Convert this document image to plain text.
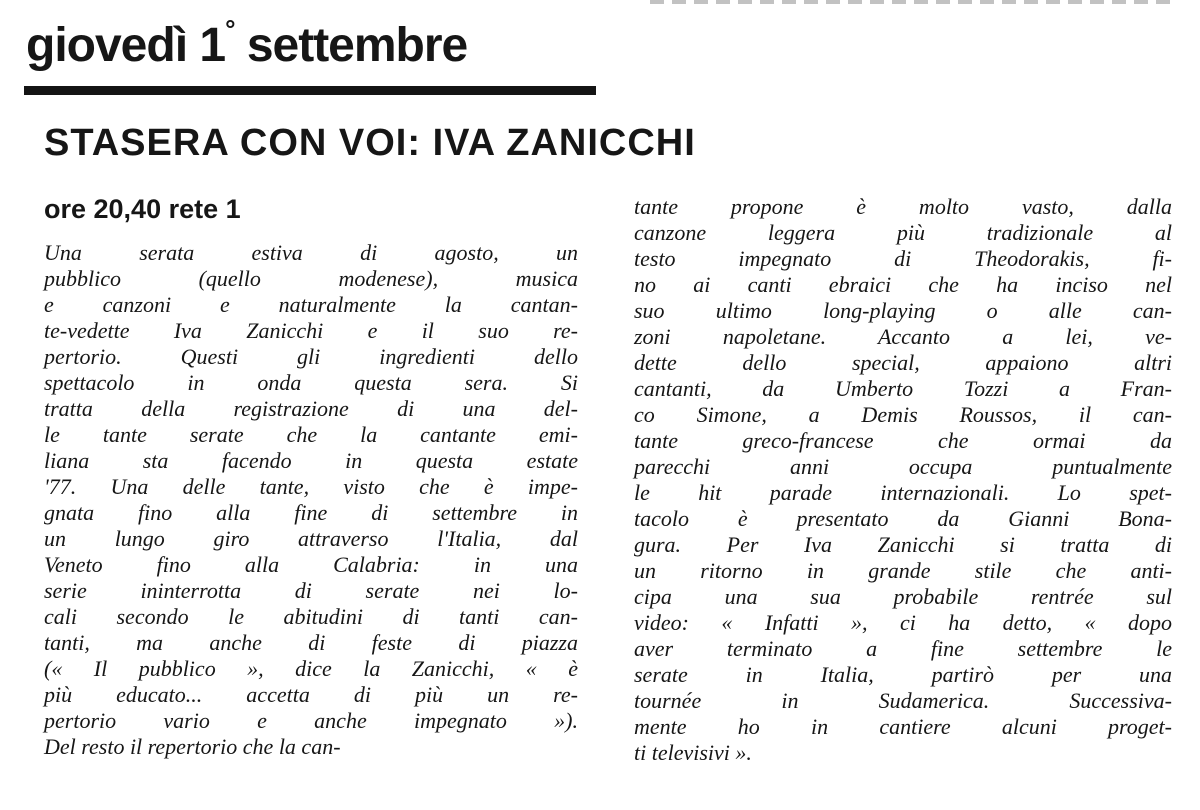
giovedì 1° settembre
STASERA CON VOI: IVA ZANICCHI
ore 20,40 rete 1
Una serata estiva di agosto, un
pubblico (quello modenese), musica
e canzoni e naturalmente la cantan-
te-vedette Iva Zanicchi e il suo re-
pertorio. Questi gli ingredienti dello
spettacolo in onda questa sera. Si
tratta della registrazione di una del-
le tante serate che la cantante emi-
liana sta facendo in questa estate
'77. Una delle tante, visto che è impe-
gnata fino alla fine di settembre in
un lungo giro attraverso l'Italia, dal
Veneto fino alla Calabria: in una
serie ininterrotta di serate nei lo-
cali secondo le abitudini di tanti can-
tanti, ma anche di feste di piazza
(« Il pubblico », dice la Zanicchi, « è
più educato... accetta di più un re-
pertorio vario e anche impegnato »).
Del resto il repertorio che la can-
tante propone è molto vasto, dalla
canzone leggera più tradizionale al
testo impegnato di Theodorakis, fi-
no ai canti ebraici che ha inciso nel
suo ultimo long-playing o alle can-
zoni napoletane. Accanto a lei, ve-
dette dello special, appaiono altri
cantanti, da Umberto Tozzi a Fran-
co Simone, a Demis Roussos, il can-
tante greco-francese che ormai da
parecchi anni occupa puntualmente
le hit parade internazionali. Lo spet-
tacolo è presentato da Gianni Bona-
gura. Per Iva Zanicchi si tratta di
un ritorno in grande stile che anti-
cipa una sua probabile rentrée sul
video: « Infatti », ci ha detto, « dopo
aver terminato a fine settembre le
serate in Italia, partirò per una
tournée in Sudamerica. Successiva-
mente ho in cantiere alcuni proget-
ti televisivi ».
